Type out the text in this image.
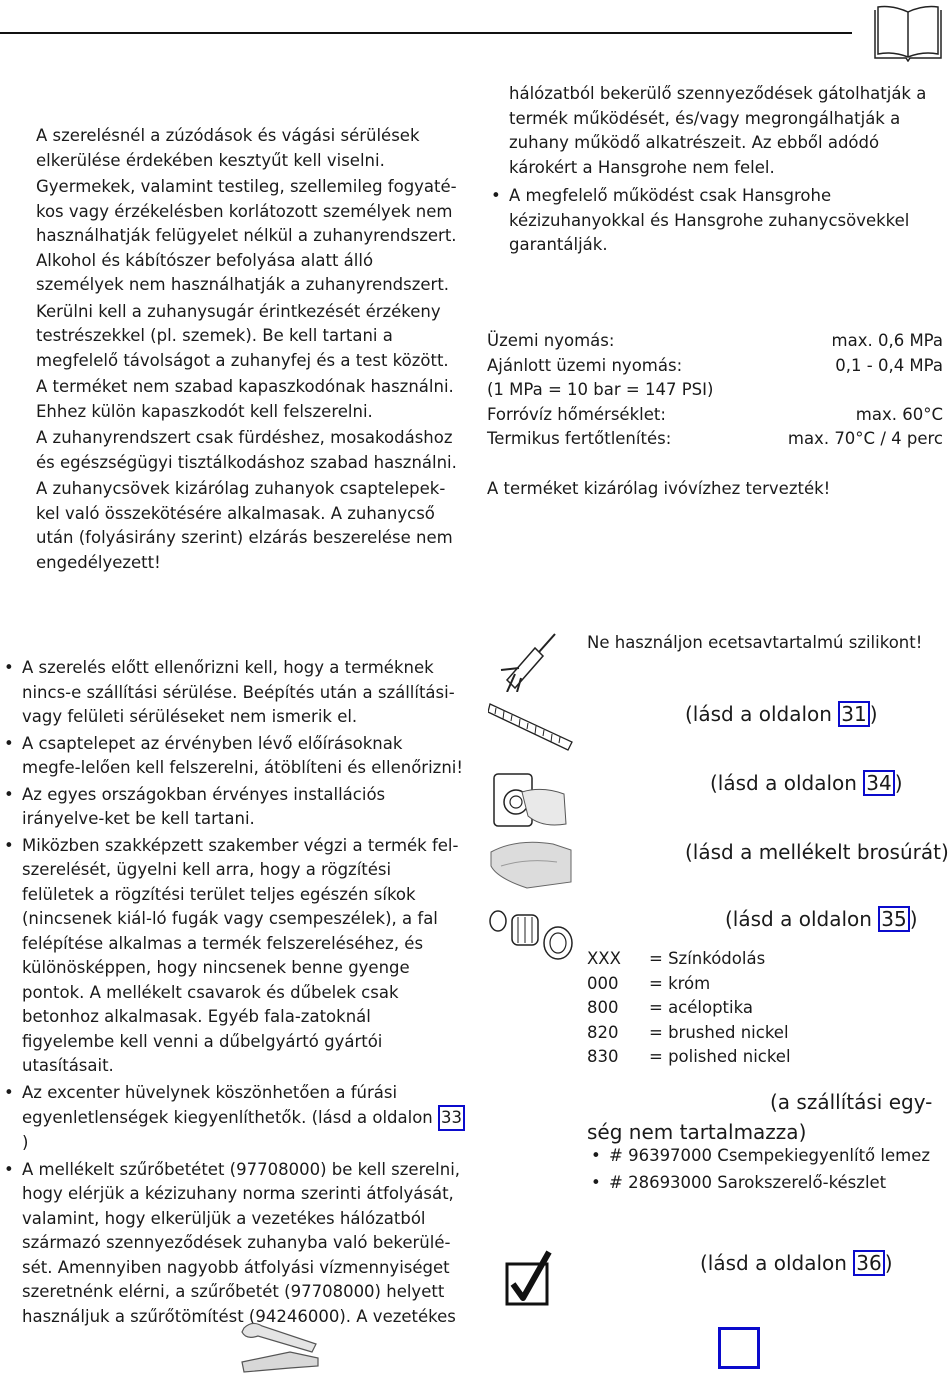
A szerelésnél a zúzódások és vágási sérülések elkerülése érdekében kesztyűt kell viselni.

Gyermekek, valamint testileg, szellemileg fogyaté-kos vagy érzékelésben korlátozott személyek nem használhatják felügyelet nélkül a zuhanyrendszert. Alkohol és kábítószer befolyása alatt álló személyek nem használhatják a zuhanyrendszert.

Kerülni kell a zuhanysugár érintkezését érzékeny testrészekkel (pl. szemek). Be kell tartani a megfelelő távolságot a zuhanyfej és a test között.

A terméket nem szabad kapaszkodónak használni. Ehhez külön kapaszkodót kell felszerelni.

A zuhanyrendszert csak fürdéshez, mosakodáshoz és egészségügyi tisztálkodáshoz szabad használni.

A zuhanycsövek kizárólag zuhanyok csaptelepek-kel való összekötésére alkalmasak. A zuhanycső után (folyásirány szerint) elzárás beszerelése nem engedélyezett!

hálózatból bekerülő szennyeződések gátolhatják a termék működését, és/vagy megrongálhatják a zuhany működő alkatrészeit. Az ebből adódó károkért a Hansgrohe nem felel.

• A megfelelő működést csak Hansgrohe kézizuhanyokkal és Hansgrohe zuhanycsövekkel garantálják.
Üzemi nyomás:	max. 0,6 MPa
Ajánlott üzemi nyomás:	0,1 - 0,4 MPa
(1 MPa = 10 bar = 147 PSI)
Forróvíz hőmérséklet:	max. 60°C
Termikus fertőtlenítés:	max. 70°C / 4 perc
A terméket kizárólag ivóvízhez tervezték!
• A szerelés előtt ellenőrizni kell, hogy a terméknek nincs-e szállítási sérülése. Beépítés után a szállítási- vagy felületi sérüléseket nem ismerik el.
• A csaptelepet az érvényben lévő előírásoknak megfe-lelően kell felszerelni, átöblíteni és ellenőrizni!
• Az egyes országokban érvényes installációs irányelve-ket be kell tartani.
• Miközben szakképzett szakember végzi a termék fel-szerelését, ügyelni kell arra, hogy a rögzítési felületek a rögzítési terület teljes egészén síkok (nincsenek kiál-ló fugák vagy csempeszélek), a fal felépítése alkalmas a termék felszereléséhez, és különösképpen, hogy nincsenek benne gyenge pontok. A mellékelt csavarok és dűbelek csak betonhoz alkalmasak. Egyéb fala-zatoknál figyelembe kell venni a dűbelgyártó gyártói utasításait.
• Az excenter hüvelynek köszönhetően a fúrási egyenletlenségek kiegyenlíthetők. (lásd a oldalon 33)
• A mellékelt szűrőbetétet (97708000) be kell szerelni, hogy elérjük a kézizuhany norma szerinti átfolyását, valamint, hogy elkerüljük a vezetékes hálózatból származó szennyeződések zuhanyba való bekerülé-sét. Amennyiben nagyobb átfolyási vízmennyiséget szeretnénk elérni, a szűrőbetét (97708000) helyett használjuk a szűrőtömítést (94246000). A vezetékes
Ne használjon ecetsavtartalmú szilikont!
(lásd a oldalon 31 )
(lásd a oldalon 34 )
(lásd a mellékelt brosúrát)
(lásd a oldalon 35 )
XXX	= Színkódolás
000	= króm
800	= acéloptika
820	= brushed nickel
830	= polished nickel
(a szállítási egy-
ség nem tartalmazza)
• # 96397000 Csempekiegyenlítő lemez
• # 28693000 Sarokszerelő-készlet
(lásd a oldalon 36 )
